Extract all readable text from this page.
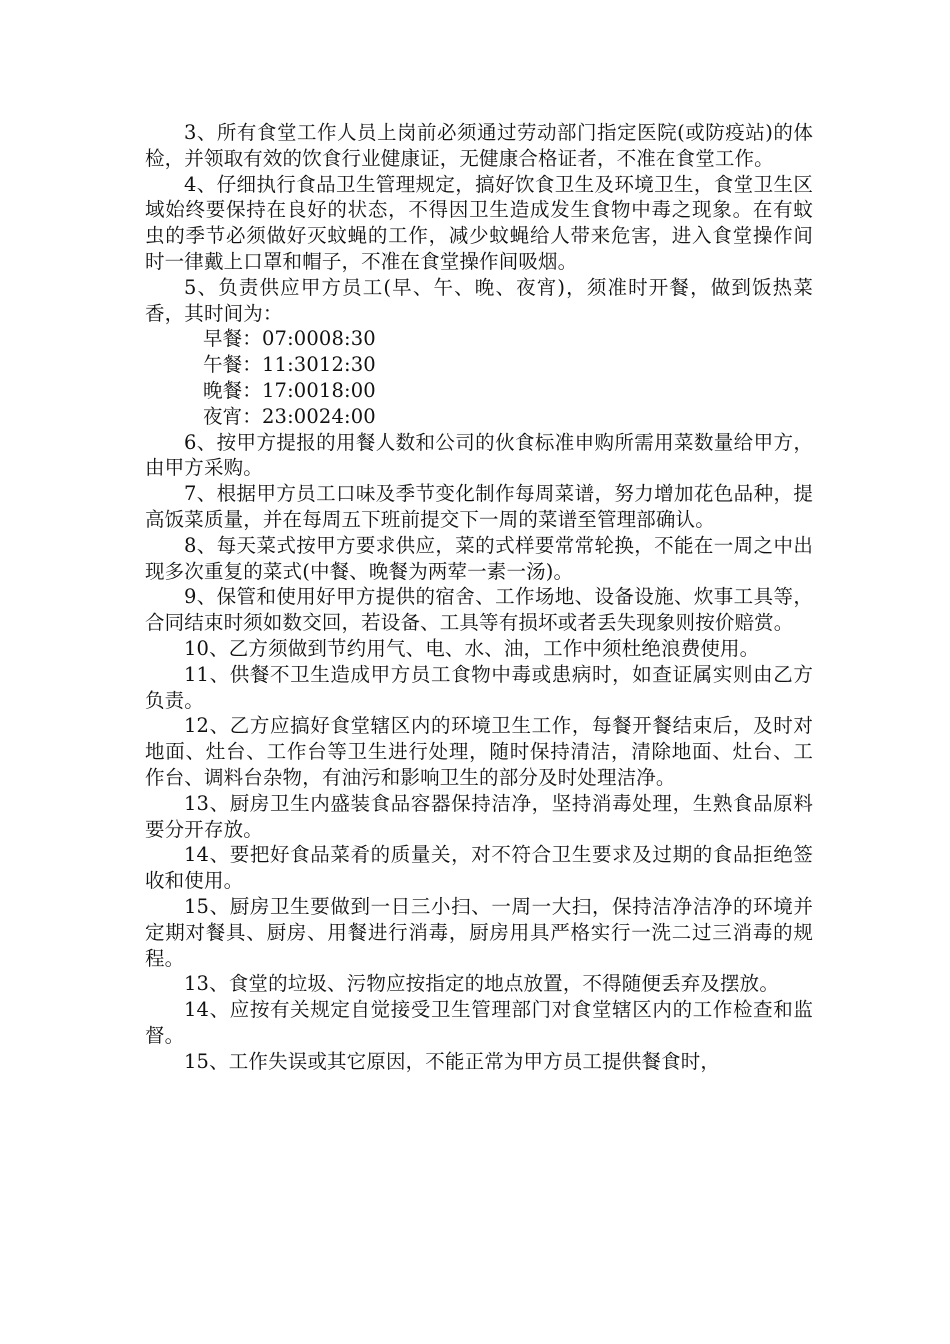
3、所有食堂工作人员上岗前必须通过劳动部门指定医院(或防疫站)的体检，并领取有效的饮食行业健康证，无健康合格证者，不准在食堂工作。

4、仔细执行食品卫生管理规定，搞好饮食卫生及环境卫生，食堂卫生区域始终要保持在良好的状态，不得因卫生造成发生食物中毒之现象。在有蚊虫的季节必须做好灭蚊蝇的工作，减少蚊蝇给人带来危害，进入食堂操作间时一律戴上口罩和帽子，不准在食堂操作间吸烟。

5、负责供应甲方员工(早、午、晚、夜宵)，须准时开餐，做到饭热菜香，其时间为：

早餐：07:0008:30
午餐：11:3012:30
晚餐：17:0018:00
夜宵：23:0024:00

6、按甲方提报的用餐人数和公司的伙食标准申购所需用菜数量给甲方，由甲方采购。

7、根据甲方员工口味及季节变化制作每周菜谱，努力增加花色品种，提高饭菜质量，并在每周五下班前提交下一周的菜谱至管理部确认。

8、每天菜式按甲方要求供应，菜的式样要常常轮换，不能在一周之中出现多次重复的菜式(中餐、晚餐为两荤一素一汤)。

9、保管和使用好甲方提供的宿舍、工作场地、设备设施、炊事工具等，合同结束时须如数交回，若设备、工具等有损坏或者丢失现象则按价赔赏。

10、乙方须做到节约用气、电、水、油，工作中须杜绝浪费使用。

11、供餐不卫生造成甲方员工食物中毒或患病时，如查证属实则由乙方负责。

12、乙方应搞好食堂辖区内的环境卫生工作，每餐开餐结束后，及时对地面、灶台、工作台等卫生进行处理，随时保持清洁，清除地面、灶台、工作台、调料台杂物，有油污和影响卫生的部分及时处理洁净。

13、厨房卫生内盛装食品容器保持洁净，坚持消毒处理，生熟食品原料要分开存放。

14、要把好食品菜肴的质量关，对不符合卫生要求及过期的食品拒绝签收和使用。

15、厨房卫生要做到一日三小扫、一周一大扫，保持洁净洁净的环境并定期对餐具、厨房、用餐进行消毒，厨房用具严格实行一洗二过三消毒的规程。

13、食堂的垃圾、污物应按指定的地点放置，不得随便丢弃及摆放。

14、应按有关规定自觉接受卫生管理部门对食堂辖区内的工作检查和监督。

15、工作失误或其它原因，不能正常为甲方员工提供餐食时，
